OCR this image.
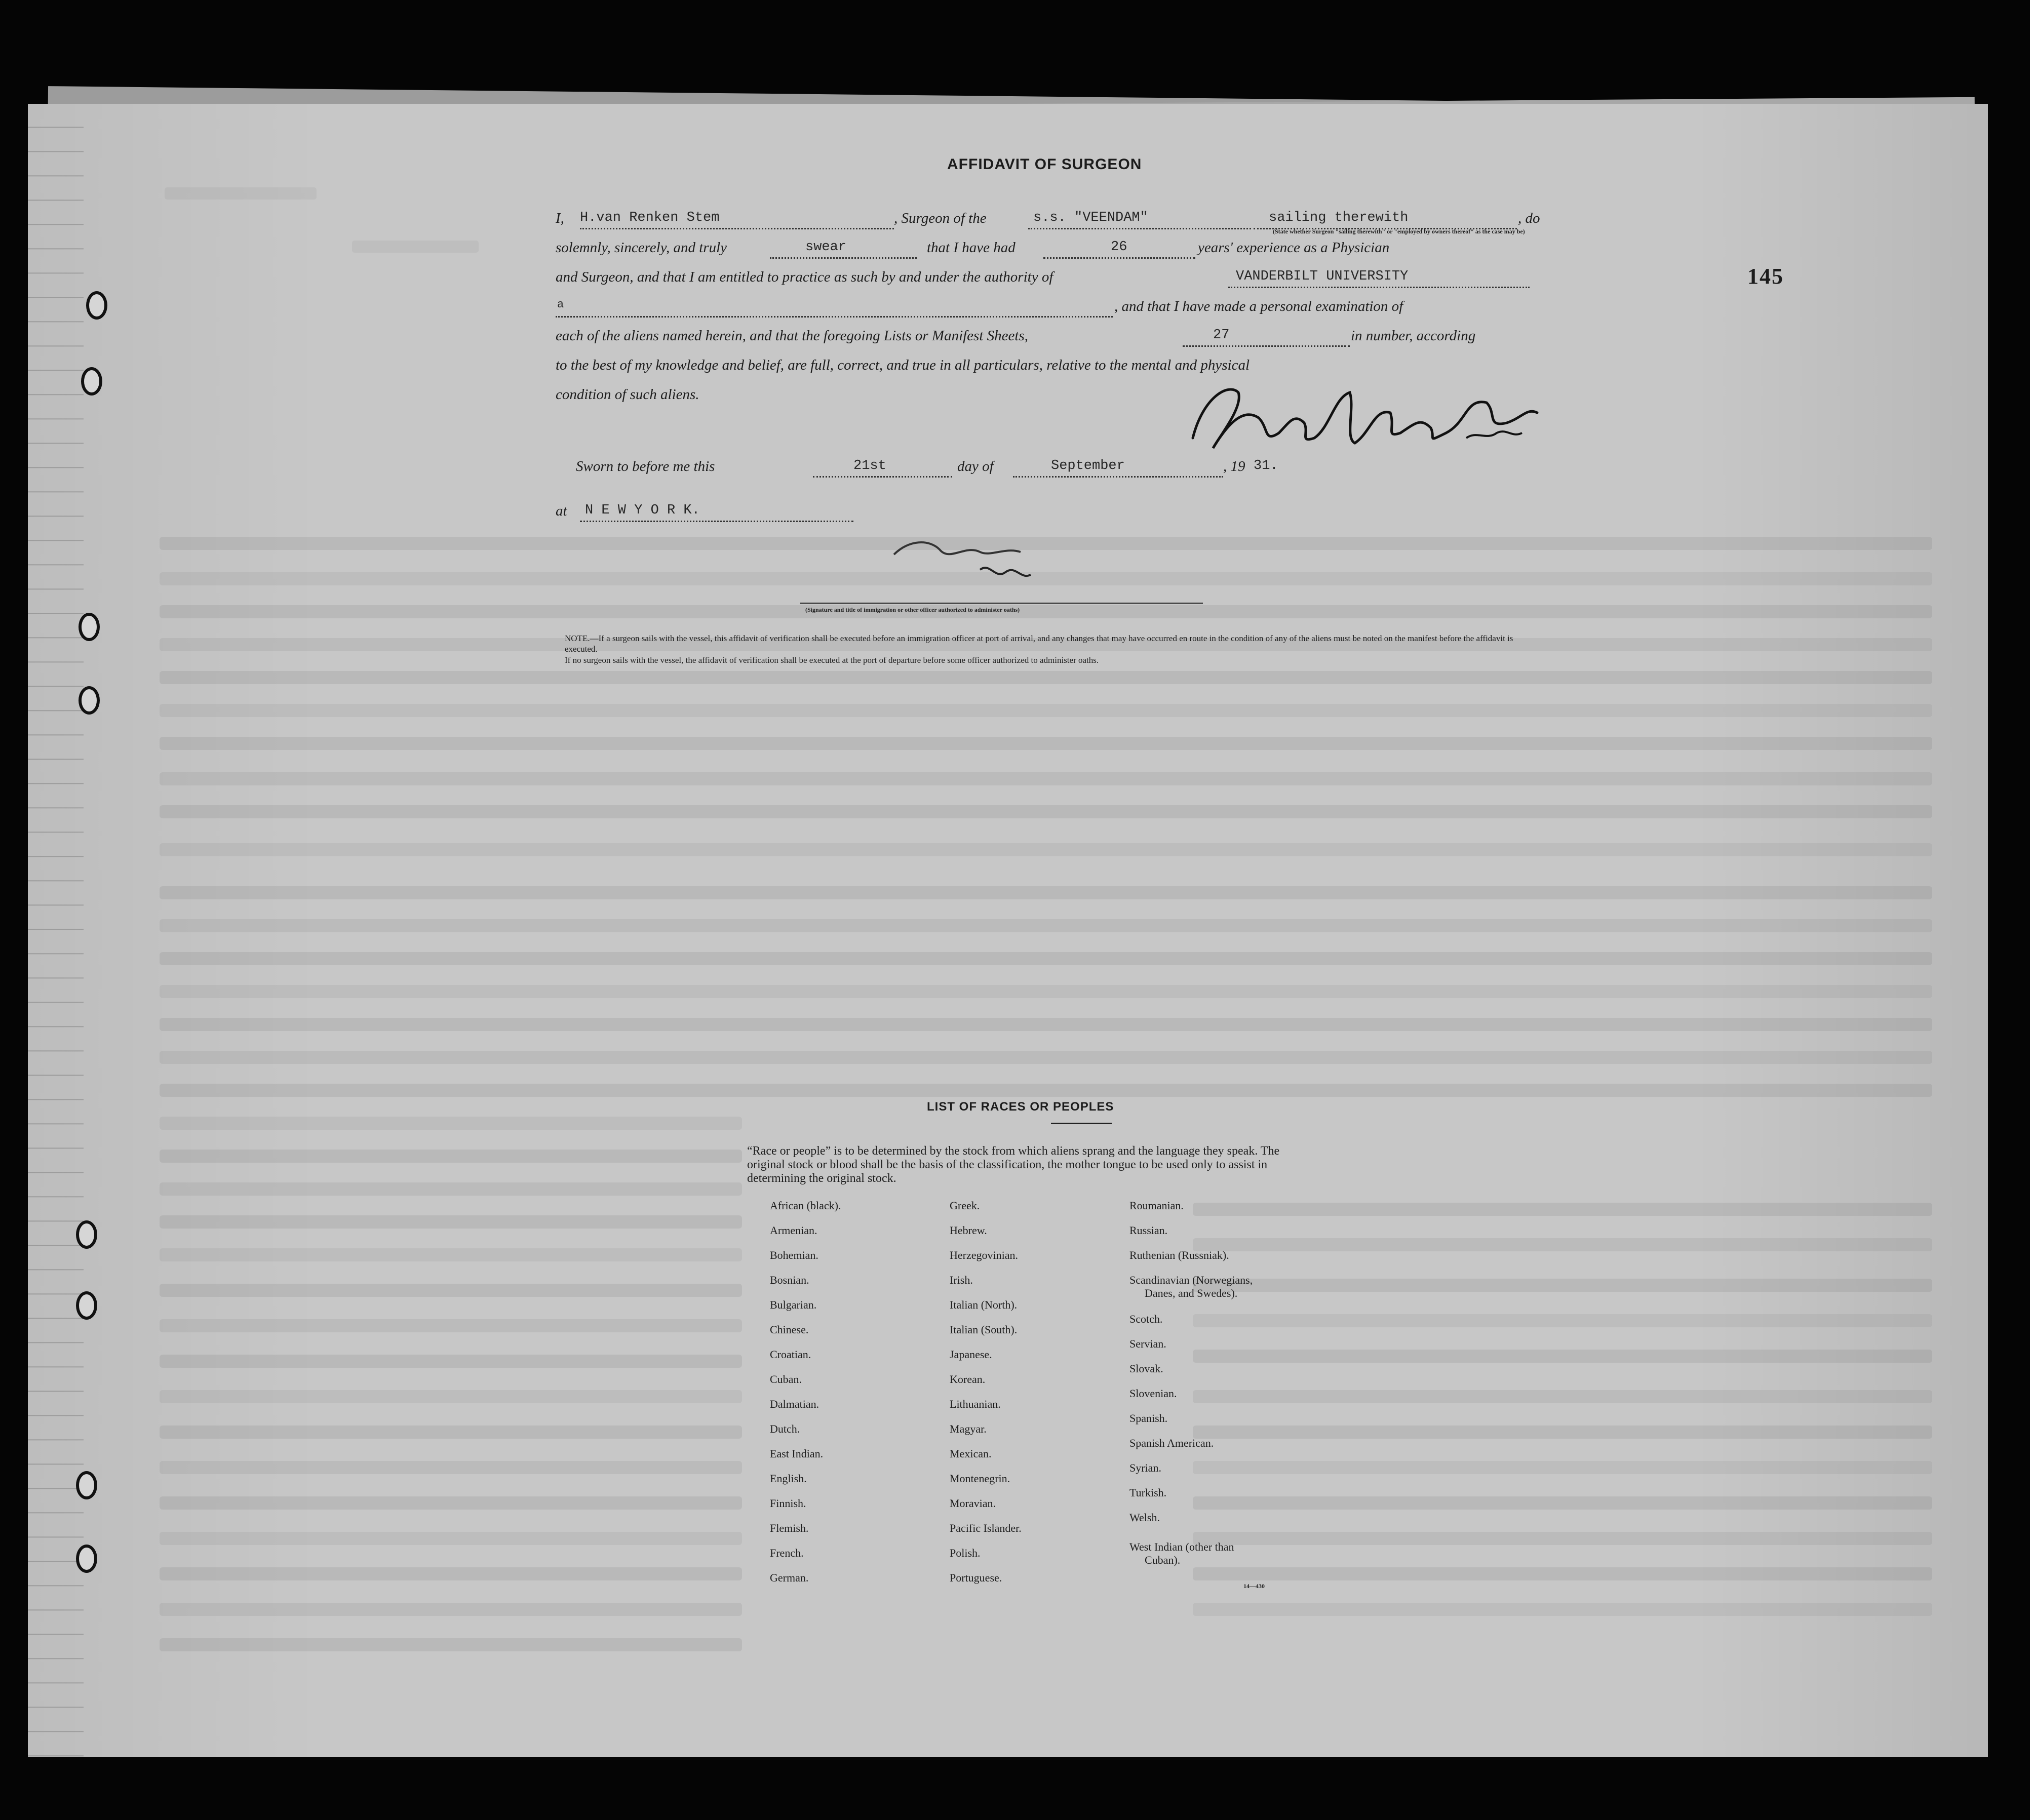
AFFIDAVIT OF SURGEON
I, H.van Renken Stem	, Surgeon of the	s.s. "VEENDAM"	sailing therewith	, do
(State whether Surgeon "sailing therewith" or "employed by owners thereof" as the case may be)
solemnly, sincerely, and truly	swear	that I have had	26	years' experience as a Physician
and Surgeon, and that I am entitled to practice as such by and under the authority of	VANDERBILT UNIVERSITY
a	, and that I have made a personal examination of
each of the aliens named herein, and that the foregoing Lists or Manifest Sheets,	27	in number, according
to the best of my knowledge and belief, are full, correct, and true in all particulars, relative to the mental and physical
condition of such aliens.
Sworn to before me this	21st	day of	September	, 19 31.
at N E W Y O R K.
(Signature and title of immigration or other officer authorized to administer oaths)
NOTE.—If a surgeon sails with the vessel, this affidavit of verification shall be executed before an immigration officer at port of arrival, and any changes that may have occurred en route in the condition of any of the aliens must be noted on the manifest before the affidavit is executed.
If no surgeon sails with the vessel, the affidavit of verification shall be executed at the port of departure before some officer authorized to administer oaths.
145
LIST OF RACES OR PEOPLES
“Race or people” is to be determined by the stock from which aliens sprang and the language they speak. The original stock or blood shall be the basis of the classification, the mother tongue to be used only to assist in determining the original stock.
African (black).
Armenian.
Bohemian.
Bosnian.
Bulgarian.
Chinese.
Croatian.
Cuban.
Dalmatian.
Dutch.
East Indian.
English.
Finnish.
Flemish.
French.
German.
Greek.
Hebrew.
Herzegovinian.
Irish.
Italian (North).
Italian (South).
Japanese.
Korean.
Lithuanian.
Magyar.
Mexican.
Montenegrin.
Moravian.
Pacific Islander.
Polish.
Portuguese.
Roumanian.
Russian.
Ruthenian (Russniak).
Scandinavian (Norwegians,
Danes, and Swedes).
Scotch.
Servian.
Slovak.
Slovenian.
Spanish.
Spanish American.
Syrian.
Turkish.
Welsh.
West Indian (other than
Cuban).
14—430
